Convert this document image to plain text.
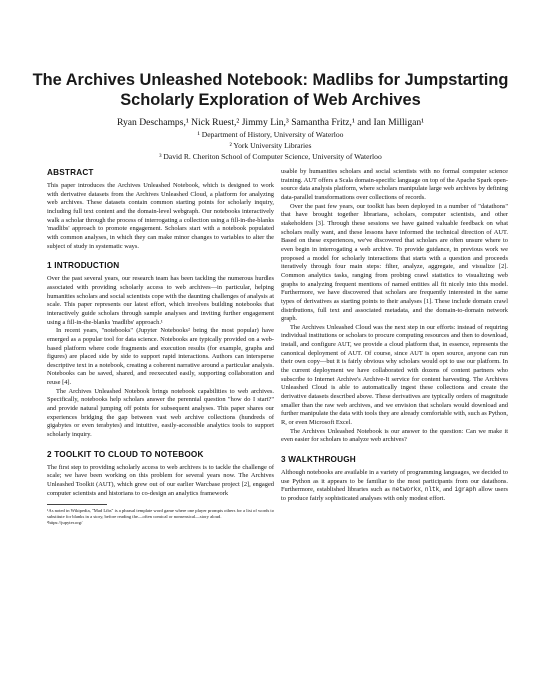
The Archives Unleashed Notebook: Madlibs for Jumpstarting
Scholarly Exploration of Web Archives
Ryan Deschamps,¹ Nick Ruest,² Jimmy Lin,³ Samantha Fritz,¹ and Ian Milligan¹
¹ Department of History, University of Waterloo
² York University Libraries
³ David R. Cheriton School of Computer Science, University of Waterloo
ABSTRACT

This paper introduces the Archives Unleashed Notebook, which is designed to work with derivative datasets from the Archives Unleashed Cloud, a platform for analyzing web archives. These datasets contain common starting points for scholarly inquiry, including full text content and the domain-level webgraph. Our notebooks interactively walk a scholar through the process of interrogating a collection using a fill-in-the-blanks 'madlibs' approach to promote engagement. Scholars start with a notebook populated with common analyses, in which they can make minor changes to variables to alter the subject of study in systematic ways.

1 INTRODUCTION

Over the past several years, our research team has been tackling the numerous hurdles associated with providing scholarly access to web archives—in particular, helping humanities scholars and social scientists cope with the daunting challenges of analysis at scale. This paper represents our latest effort, which involves building notebooks that interactively guide scholars through sample analyses and inviting further engagement using a fill-in-the-blanks 'madlibs' approach.¹

In recent years, "notebooks" (Jupyter Notebooks² being the most popular) have emerged as a popular tool for data science. Notebooks are typically provided on a web-based platform where code fragments and execution results (for example, graphs and figures) are placed side by side to support rapid interactions. Authors can intersperse descriptive text in a notebook, creating a coherent narrative around a particular analysis. Notebooks can be saved, shared, and reexecuted easily, supporting collaboration and reuse [4].

The Archives Unleashed Notebook brings notebook capabilities to web archives. Specifically, notebooks help scholars answer the perennial question "how do I start?" and provide natural jumping off points for subsequent analyses. This paper shares our experiences bridging the gap between vast web archive collections (hundreds of gigabytes or even terabytes) and intuitive, easily-accessible analytics tools to support scholarly inquiry.

2 TOOLKIT TO CLOUD TO NOTEBOOK

The first step to providing scholarly access to web archives is to tackle the challenge of scale; we have been working on this problem for several years now. The Archives Unleashed Toolkit (AUT), which grew out of our earlier Warcbase project [2], engaged computer scientists and historians to co-design an analytics framework

¹As noted in Wikipedia, "Mad Libs" is a phrasal template word game where one player prompts others for a list of words to substitute for blanks in a story, before reading the—often comical or nonsensical—story aloud.

²https://jupyter.org/

usable by humanities scholars and social scientists with no formal computer science training. AUT offers a Scala domain-specific language on top of the Apache Spark open-source data analysis platform, where scholars manipulate large web archives by defining data-parallel transformations over collections of records.

Over the past few years, our toolkit has been deployed in a number of "datathons" that have brought together librarians, scholars, computer scientists, and other stakeholders [3]. Through these sessions we have gained valuable feedback on what scholars really want, and these lessons have informed the technical direction of AUT. Based on these experiences, we've discovered that scholars are often unsure where to even begin in interrogating a web archive. To provide guidance, in previous work we proposed a model for scholarly interactions that starts with a question and proceeds iteratively through four main steps: filter, analyze, aggregate, and visualize [2]. Common analytics tasks, ranging from probing crawl statistics to visualizing web graphs to analyzing frequent mentions of named entities all fit nicely into this model. Furthermore, we have discovered that scholars are frequently interested in the same types of derivatives as starting points to their analyses [1]. These include domain crawl distributions, full text and associated metadata, and the domain-to-domain network graph.

The Archives Unleashed Cloud was the next step in our efforts: instead of requiring individual institutions or scholars to procure computing resources and then to download, install, and configure AUT, we provide a cloud platform that, in essence, represents the canonical deployment of AUT. Of course, since AUT is open source, anyone can run their own copy—but it is fairly obvious why scholars would opt to use our platform. In the current deployment we have collaborated with dozens of content partners who subscribe to Internet Archive's Archive-It service for content harvesting. The Archives Unleashed Cloud is able to automatically ingest these collections and create the derivative datasets described above. These derivatives are typically orders of magnitude smaller than the raw web archives, and we envision that scholars would download and further manipulate the data with tools they are already comfortable with, such as Python, R, or even Microsoft Excel.

The Archives Unleashed Notebook is our answer to the question: Can we make it even easier for scholars to analyze web archives?

3 WALKTHROUGH

Although notebooks are available in a variety of programming languages, we decided to use Python as it appears to be familiar to the most participants from our datathons. Furthermore, established libraries such as networkx, nltk, and igraph allow users to produce fairly sophisticated analyses with only modest effort.
